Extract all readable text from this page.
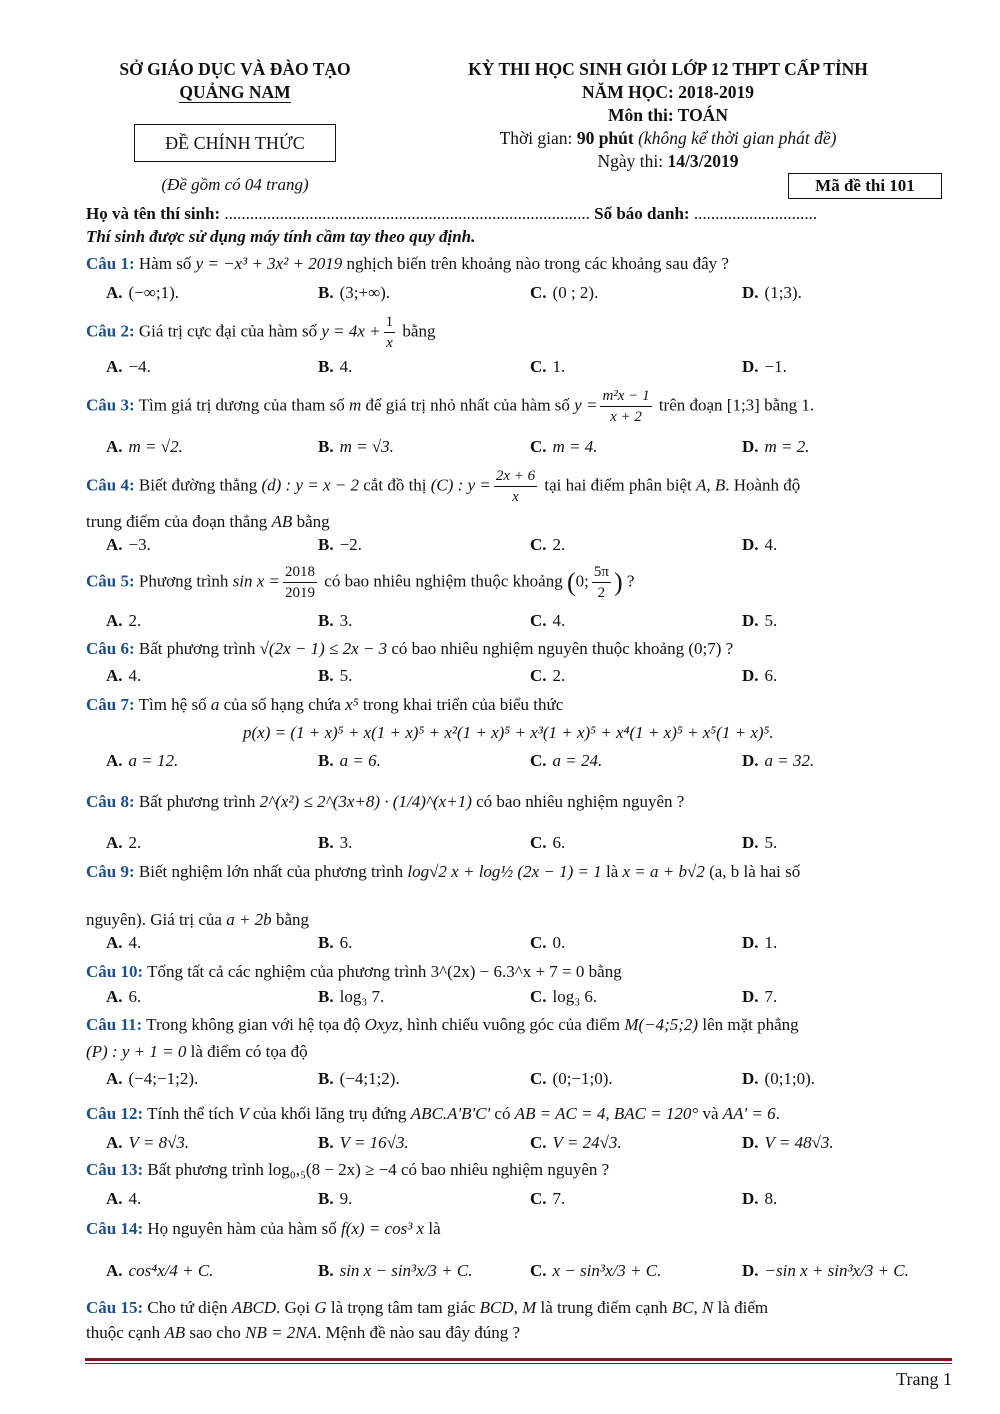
SỞ GIÁO DỤC VÀ ĐÀO TẠO
QUẢNG NAM
ĐỀ CHÍNH THỨC
(Đề gồm có 04 trang)
KỲ THI HỌC SINH GIỎI LỚP 12 THPT CẤP TỈNH
NĂM HỌC: 2018-2019
Môn thi: TOÁN
Thời gian: 90 phút (không kể thời gian phát đề)
Ngày thi: 14/3/2019
Mã đề thi 101
Họ và tên thí sinh: ...................................................................................... Số báo danh: .............................
Thí sinh được sử dụng máy tính cầm tay theo quy định.
Câu 1: Hàm số y = −x³ + 3x² + 2019 nghịch biến trên khoảng nào trong các khoảng sau đây ?
A. (−∞;1).	B. (3;+∞).	C. (0 ; 2).	D. (1;3).
Câu 2: Giá trị cực đại của hàm số $y = 4x + \frac{1}{x}$ bằng
A. −4.	B. 4.	C. 1.	D. −1.
Câu 3: Tìm giá trị dương của tham số m để giá trị nhỏ nhất của hàm số $y = \frac{\text{m²x − 1}}{x + 2}$ trên đoạn [1;3] bằng 1.
A. m = √2.	B. m = √3.	C. m = 4.	D. m = 2.
Câu 4: Biết đường thẳng (d) : y = x − 2 cắt đồ thị (C) : $y = \frac{2x + 6}{x}$ tại hai điểm phân biệt A, B. Hoành độ
trung điểm của đoạn thẳng AB bằng
A. −3.	B. −2.	C. 2.	D. 4.
Câu 5: Phương trình $\sin x = \frac{2018}{2019}$ có bao nhiêu nghiệm thuộc khoảng (0; $\frac{5\pi}{2}$ ) ?
A. 2.	B. 3.	C. 4.	D. 5.
Câu 6: Bất phương trình √(2x − 1) ≤ 2x − 3 có bao nhiêu nghiệm nguyên thuộc khoảng (0;7) ?
A. 4.	B. 5.	C. 2.	D. 6.
Câu 7: Tìm hệ số a của số hạng chứa x⁵ trong khai triển của biểu thức
p(x) = (1 + x)⁵ + x(1 + x)⁵ + x²(1 + x)⁵ + x³(1 + x)⁵ + x⁴(1 + x)⁵ + x⁵(1 + x)⁵.
A. a = 12.	B. a = 6.	C. a = 24.	D. a = 32.
Câu 8: Bất phương trình 2^(x²) ≤ 2^(3x+8) · (1/4)^(x+1) có bao nhiêu nghiệm nguyên ?
A. 2.	B. 3.	C. 6.	D. 5.
Câu 9: Biết nghiệm lớn nhất của phương trình log√2 x + log½ (2x − 1) = 1 là x = a + b√2 (a, b là hai số
nguyên). Giá trị của a + 2b bằng
A. 4.	B. 6.	C. 0.	D. 1.
Câu 10: Tổng tất cả các nghiệm của phương trình 3^(2x) − 6.3^x + 7 = 0 bằng
A. 6.	B. log₃ 7.	C. log₃ 6.	D. 7.
Câu 11: Trong không gian với hệ tọa độ Oxyz, hình chiếu vuông góc của điểm M(−4;5;2) lên mặt phẳng
(P) : y + 1 = 0 là điểm có tọa độ
A. (−4;−1;2).	B. (−4;1;2).	C. (0;−1;0).	D. (0;1;0).
Câu 12: Tính thể tích V của khối lăng trụ đứng ABC.A'B'C' có AB = AC = 4, BAC = 120° và AA' = 6.
A. V = 8√3.	B. V = 16√3.	C. V = 24√3.	D. V = 48√3.
Câu 13: Bất phương trình log₀,₅(8 − 2x) ≥ −4 có bao nhiêu nghiệm nguyên ?
A. 4.	B. 9.	C. 7.	D. 8.
Câu 14: Họ nguyên hàm của hàm số f(x) = cos³ x là
A. cos⁴x/4 + C.	B. sin x − sin³x/3 + C.	C. x − sin³x/3 + C.	D. −sin x + sin³x/3 + C.
Câu 15: Cho tứ diện ABCD. Gọi G là trọng tâm tam giác BCD, M là trung điểm cạnh BC, N là điểm
thuộc cạnh AB sao cho NB = 2NA. Mệnh đề nào sau đây đúng ?
Trang 1
